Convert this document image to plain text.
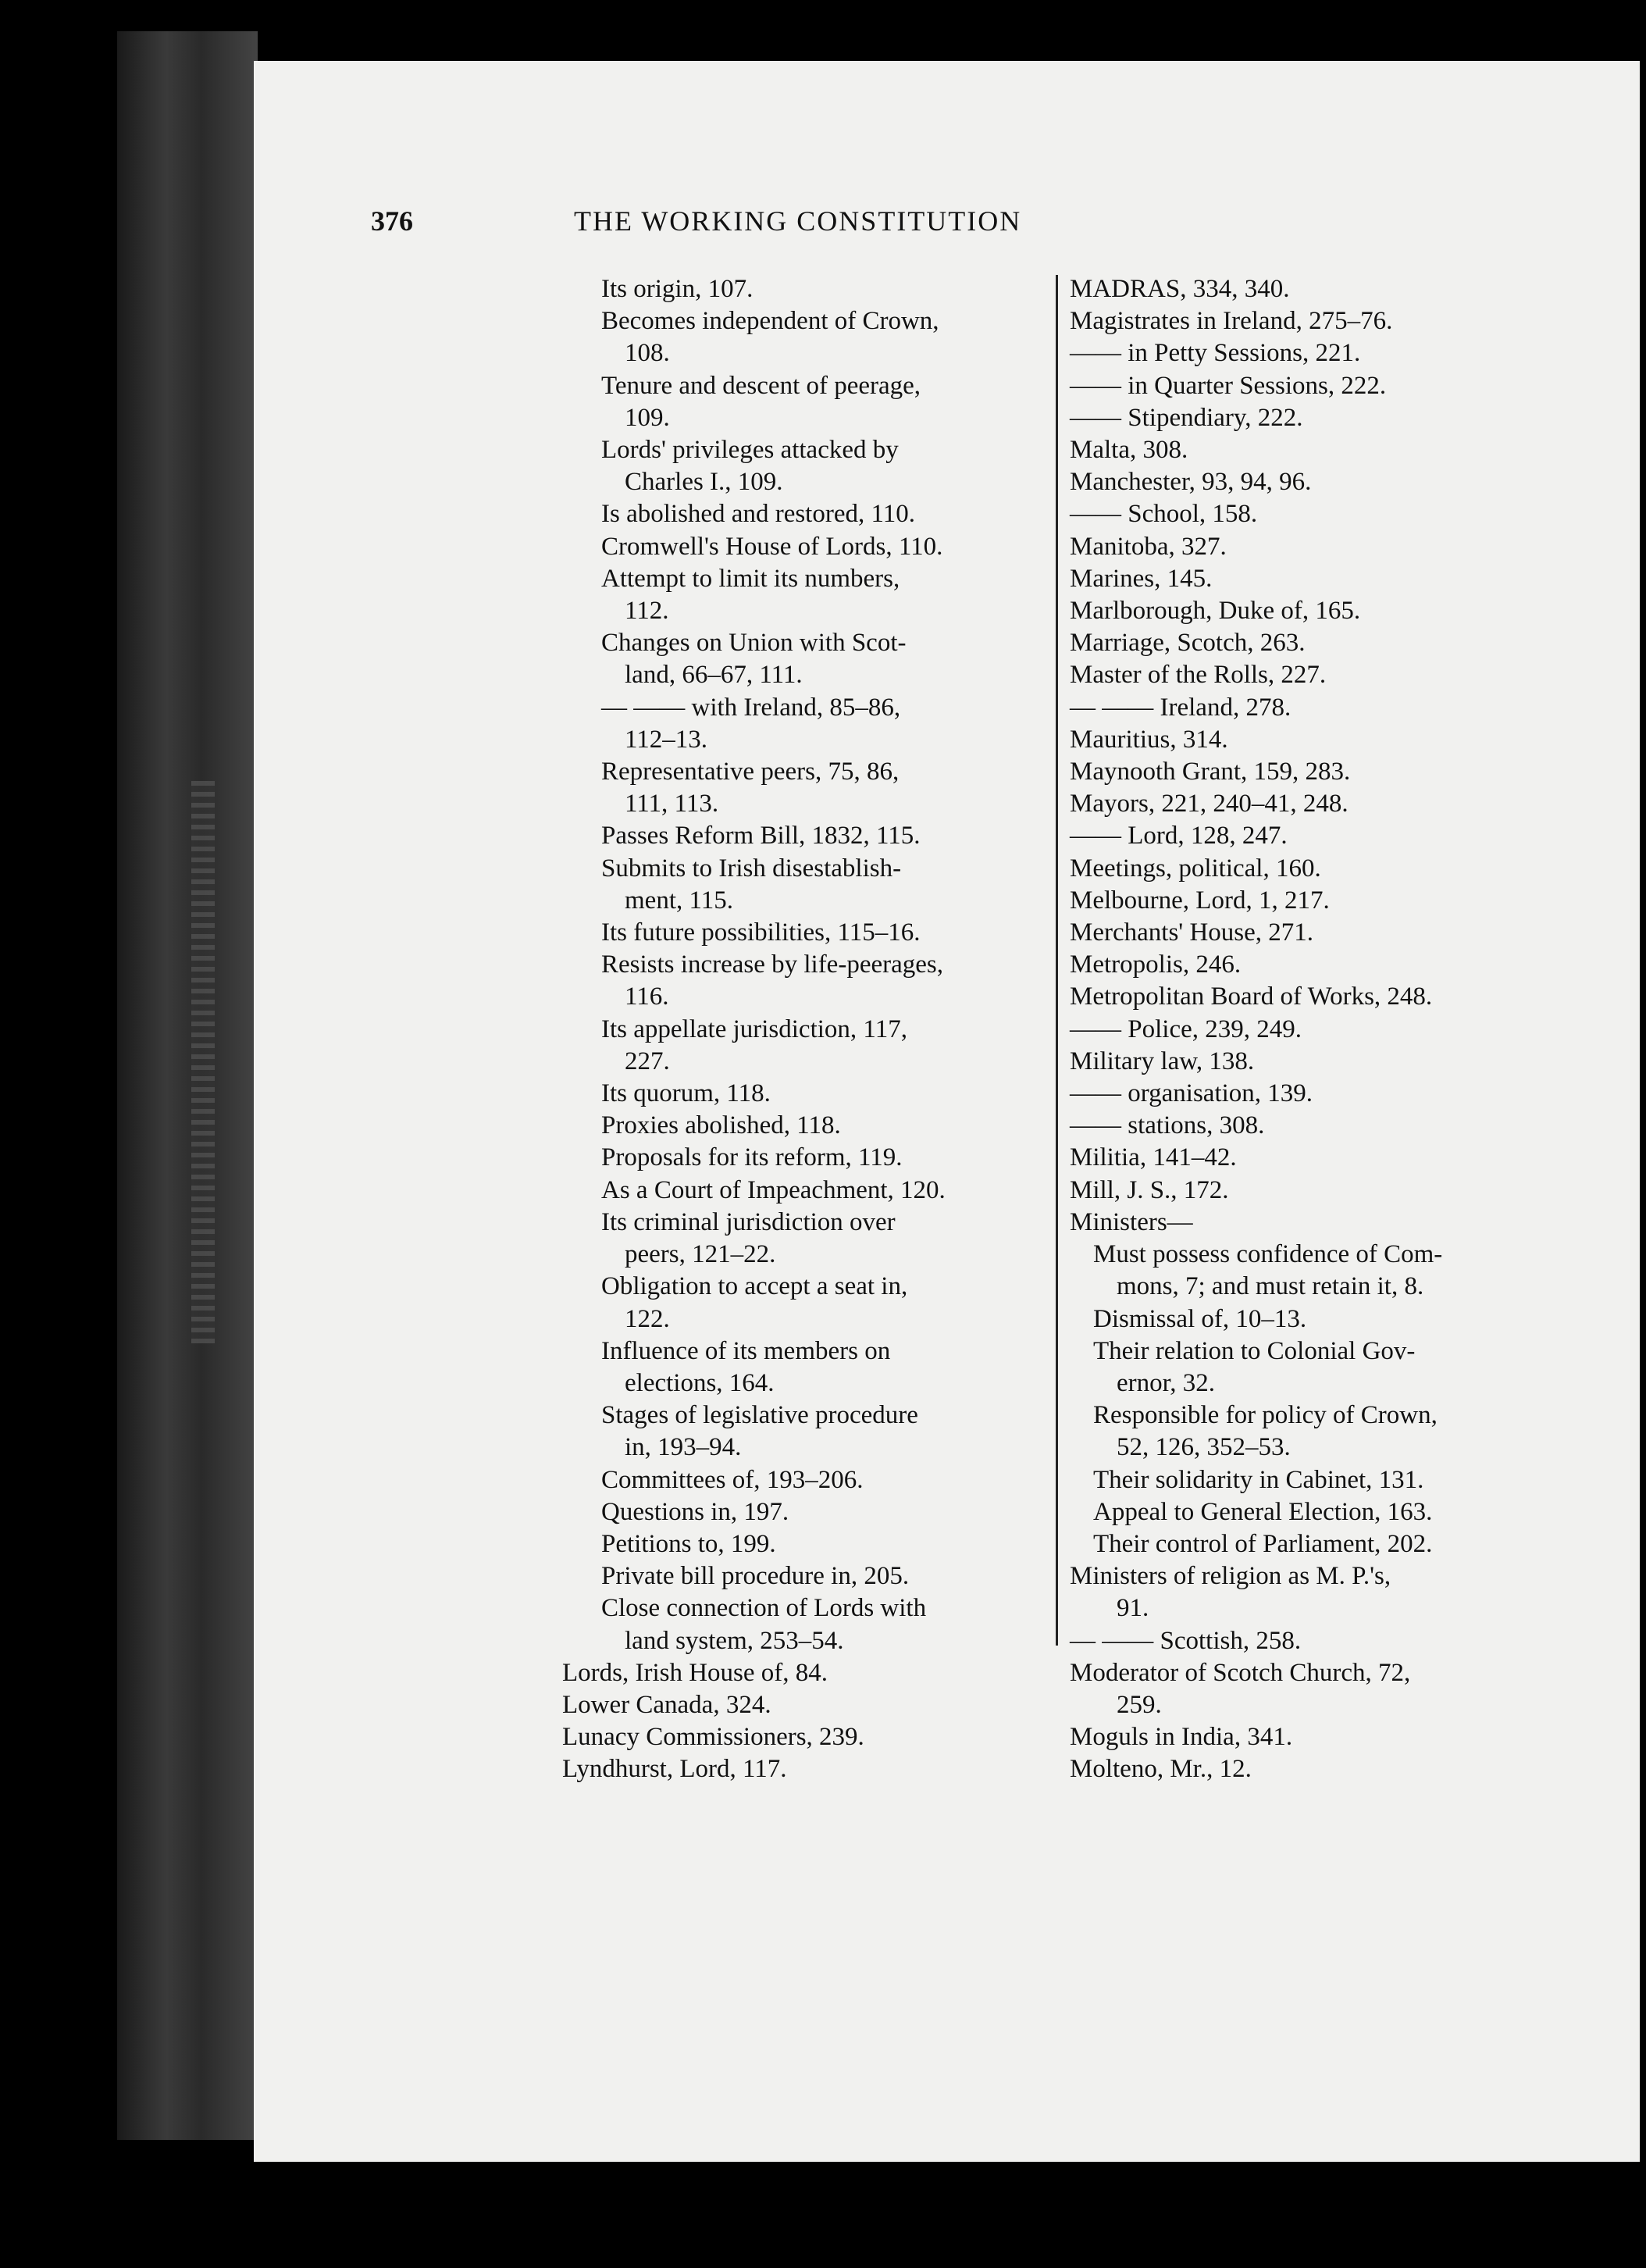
376	THE WORKING CONSTITUTION
Its origin, 107.
Becomes independent of Crown,
108.
Tenure and descent of peerage,
109.
Lords' privileges attacked by
Charles I., 109.
Is abolished and restored, 110.
Cromwell's House of Lords, 110.
Attempt to limit its numbers,
112.
Changes on Union with Scot-
land, 66–67, 111.
— —— with Ireland, 85–86,
112–13.
Representative peers, 75, 86,
111, 113.
Passes Reform Bill, 1832, 115.
Submits to Irish disestablish-
ment, 115.
Its future possibilities, 115–16.
Resists increase by life-peerages,
116.
Its appellate jurisdiction, 117,
227.
Its quorum, 118.
Proxies abolished, 118.
Proposals for its reform, 119.
As a Court of Impeachment, 120.
Its criminal jurisdiction over
peers, 121–22.
Obligation to accept a seat in,
122.
Influence of its members on
elections, 164.
Stages of legislative procedure
in, 193–94.
Committees of, 193–206.
Questions in, 197.
Petitions to, 199.
Private bill procedure in, 205.
Close connection of Lords with
land system, 253–54.
Lords, Irish House of, 84.
Lower Canada, 324.
Lunacy Commissioners, 239.
Lyndhurst, Lord, 117.
MADRAS, 334, 340.
Magistrates in Ireland, 275–76.
—— in Petty Sessions, 221.
—— in Quarter Sessions, 222.
—— Stipendiary, 222.
Malta, 308.
Manchester, 93, 94, 96.
—— School, 158.
Manitoba, 327.
Marines, 145.
Marlborough, Duke of, 165.
Marriage, Scotch, 263.
Master of the Rolls, 227.
— —— Ireland, 278.
Mauritius, 314.
Maynooth Grant, 159, 283.
Mayors, 221, 240–41, 248.
—— Lord, 128, 247.
Meetings, political, 160.
Melbourne, Lord, 1, 217.
Merchants' House, 271.
Metropolis, 246.
Metropolitan Board of Works, 248.
—— Police, 239, 249.
Military law, 138.
—— organisation, 139.
—— stations, 308.
Militia, 141–42.
Mill, J. S., 172.
Ministers—
Must possess confidence of Com-
mons, 7; and must retain it, 8.
Dismissal of, 10–13.
Their relation to Colonial Gov-
ernor, 32.
Responsible for policy of Crown,
52, 126, 352–53.
Their solidarity in Cabinet, 131.
Appeal to General Election, 163.
Their control of Parliament, 202.
Ministers of religion as M. P.'s,
91.
— —— Scottish, 258.
Moderator of Scotch Church, 72,
259.
Moguls in India, 341.
Molteno, Mr., 12.
